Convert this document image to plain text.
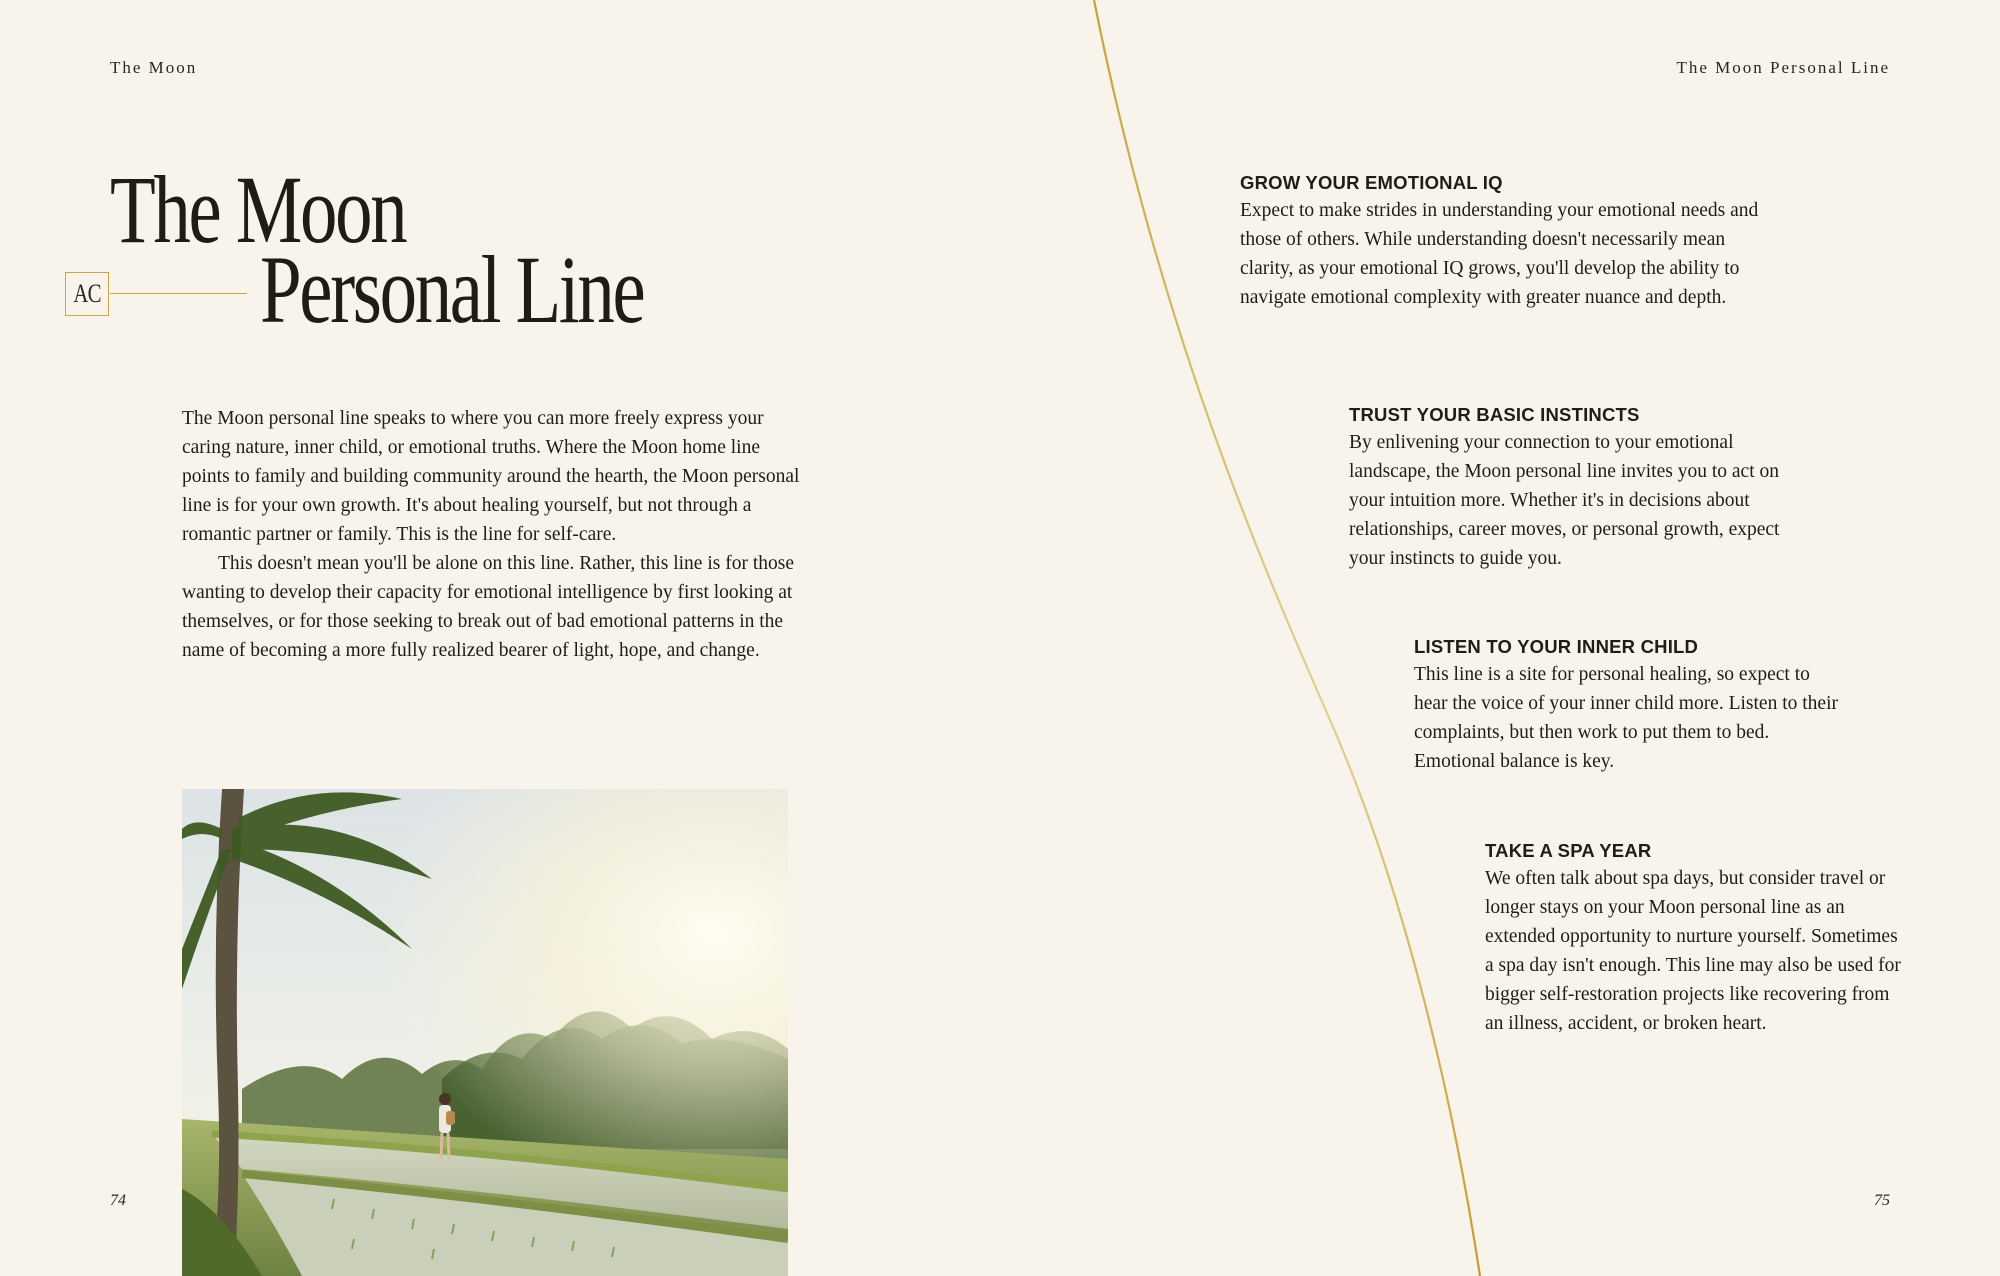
The Moon	The Moon Personal Line
The Moon
AC Personal Line

The Moon personal line speaks to where you can more freely express your caring nature, inner child, or emotional truths. Where the Moon home line points to family and building community around the hearth, the Moon personal line is for your own growth. It's about healing yourself, but not through a romantic partner or family. This is the line for self-care.

This doesn't mean you'll be alone on this line. Rather, this line is for those wanting to develop their capacity for emotional intelligence by first looking at themselves, or for those seeking to break out of bad emotional patterns in the name of becoming a more fully realized bearer of light, hope, and change.

74	75
GROW YOUR EMOTIONAL IQ

Expect to make strides in understanding your emotional needs and those of others. While understanding doesn't necessarily mean clarity, as your emotional IQ grows, you'll develop the ability to navigate emotional complexity with greater nuance and depth.

TRUST YOUR BASIC INSTINCTS

By enlivening your connection to your emotional landscape, the Moon personal line invites you to act on your intuition more. Whether it's in decisions about relationships, career moves, or personal growth, expect your instincts to guide you.

LISTEN TO YOUR INNER CHILD

This line is a site for personal healing, so expect to hear the voice of your inner child more. Listen to their complaints, but then work to put them to bed. Emotional balance is key.

TAKE A SPA YEAR

We often talk about spa days, but consider travel or longer stays on your Moon personal line as an extended opportunity to nurture yourself. Sometimes a spa day isn't enough. This line may also be used for bigger self-restoration projects like recovering from an illness, accident, or broken heart.
